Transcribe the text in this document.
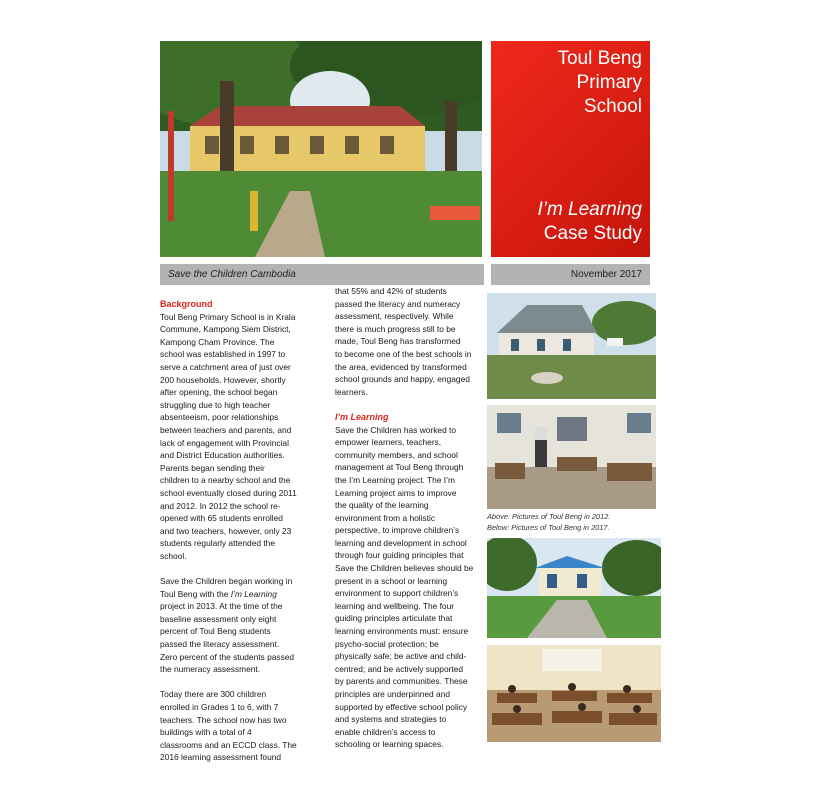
Toul Beng
Primary
School
I’m Learning
Case Study
Save the Children Cambodia	November 2017
Background

Toul Beng Primary School is in Krala
Commune, Kampong Siem District,
Kampong Cham Province. The
school was established in 1997 to
serve a catchment area of just over
200 households. However, shortly
after opening, the school began
struggling due to high teacher
absenteeism, poor relationships
between teachers and parents, and
lack of engagement with Provincial
and District Education authorities.
Parents began sending their
children to a nearby school and the
school eventually closed during 2011
and 2012. In 2012 the school re-
opened with 65 students enrolled
and two teachers, however, only 23
students regularly attended the
school.

Save the Children began working in
Toul Beng with the I’m Learning
project in 2013. At the time of the
baseline assessment only eight
percent of Toul Beng students
passed the literacy assessment.
Zero percent of the students passed
the numeracy assessment.

Today there are 300 children
enrolled in Grades 1 to 6, with 7
teachers. The school now has two
buildings with a total of 4
classrooms and an ECCD class. The
2016 learning assessment found

that 55% and 42% of students
passed the literacy and numeracy
assessment, respectively. While
there is much progress still to be
made, Toul Beng has transformed
to become one of the best schools in
the area, evidenced by transformed
school grounds and happy, engaged
learners.

I’m Learning

Save the Children has worked to
empower learners, teachers,
community members, and school
management at Toul Beng through
the I’m Learning project. The I’m
Learning project aims to improve
the quality of the learning
environment from a holistic
perspective, to improve children’s
learning and development in school
through four guiding principles that
Save the Children believes should be
present in a school or learning
environment to support children’s
learning and wellbeing. The four
guiding principles articulate that
learning environments must: ensure
psycho-social protection; be
physically safe; be active and child-
centred; and be actively supported
by parents and communities. These
principles are underpinned and
supported by effective school policy
and systems and strategies to
enable children’s access to
schooling or learning spaces.

Above: Pictures of Toul Beng in 2012.
Below: Pictures of Toul Beng in 2017.
